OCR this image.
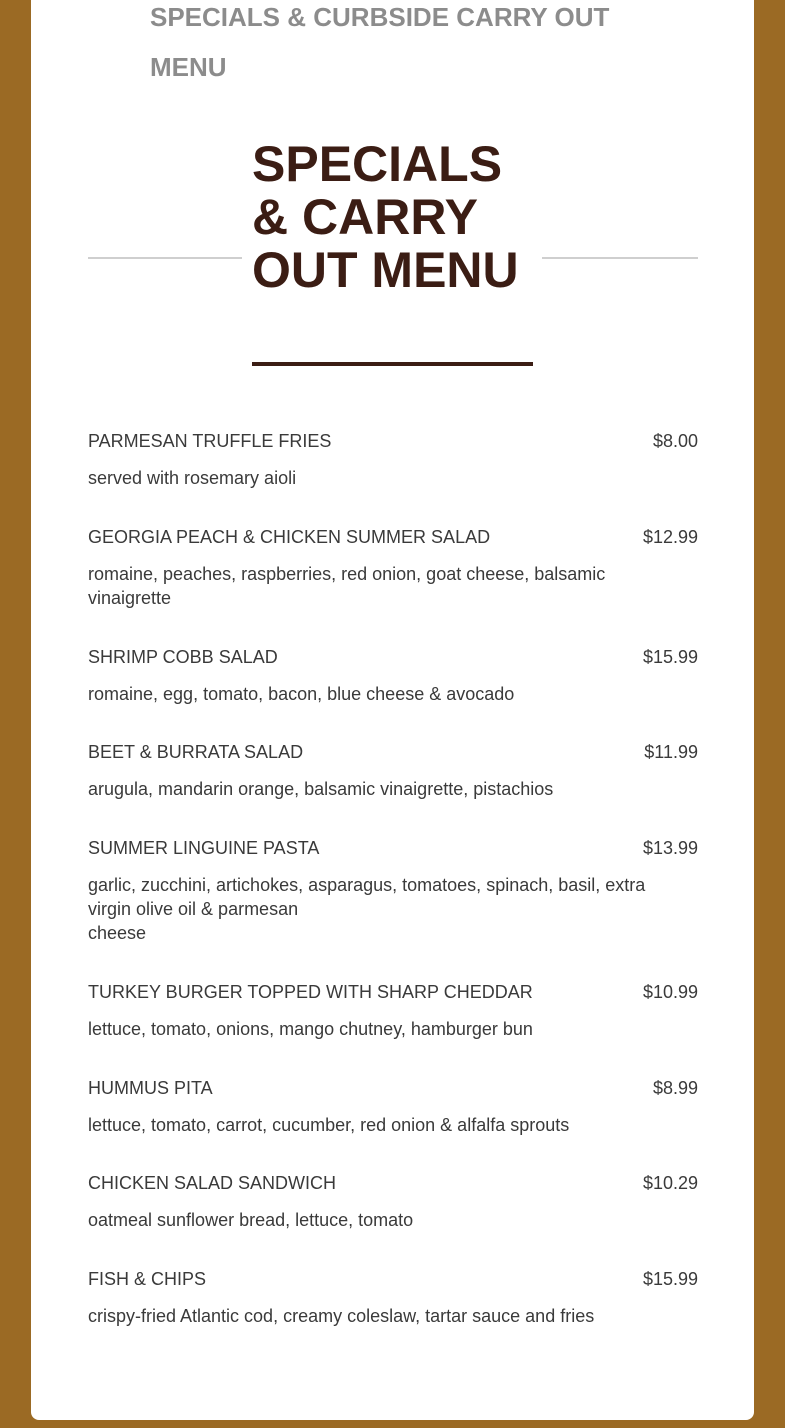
SPECIALS & CURBSIDE CARRY OUT MENU
SPECIALS & CARRY OUT MENU
PARMESAN TRUFFLE FRIES	$8.00
served with rosemary aioli
GEORGIA PEACH & CHICKEN SUMMER SALAD	$12.99
romaine, peaches, raspberries, red onion, goat cheese, balsamic vinaigrette
SHRIMP COBB SALAD	$15.99
romaine, egg, tomato, bacon, blue cheese & avocado
BEET & BURRATA SALAD	$11.99
arugula, mandarin orange, balsamic vinaigrette, pistachios
SUMMER LINGUINE PASTA	$13.99
garlic, zucchini, artichokes, asparagus, tomatoes, spinach, basil, extra virgin olive oil & parmesan
cheese
TURKEY BURGER TOPPED WITH SHARP CHEDDAR	$10.99
lettuce, tomato, onions, mango chutney, hamburger bun
HUMMUS PITA	$8.99
lettuce, tomato, carrot, cucumber, red onion & alfalfa sprouts
CHICKEN SALAD SANDWICH	$10.29
oatmeal sunflower bread, lettuce, tomato
FISH & CHIPS	$15.99
crispy-fried Atlantic cod, creamy coleslaw, tartar sauce and fries
